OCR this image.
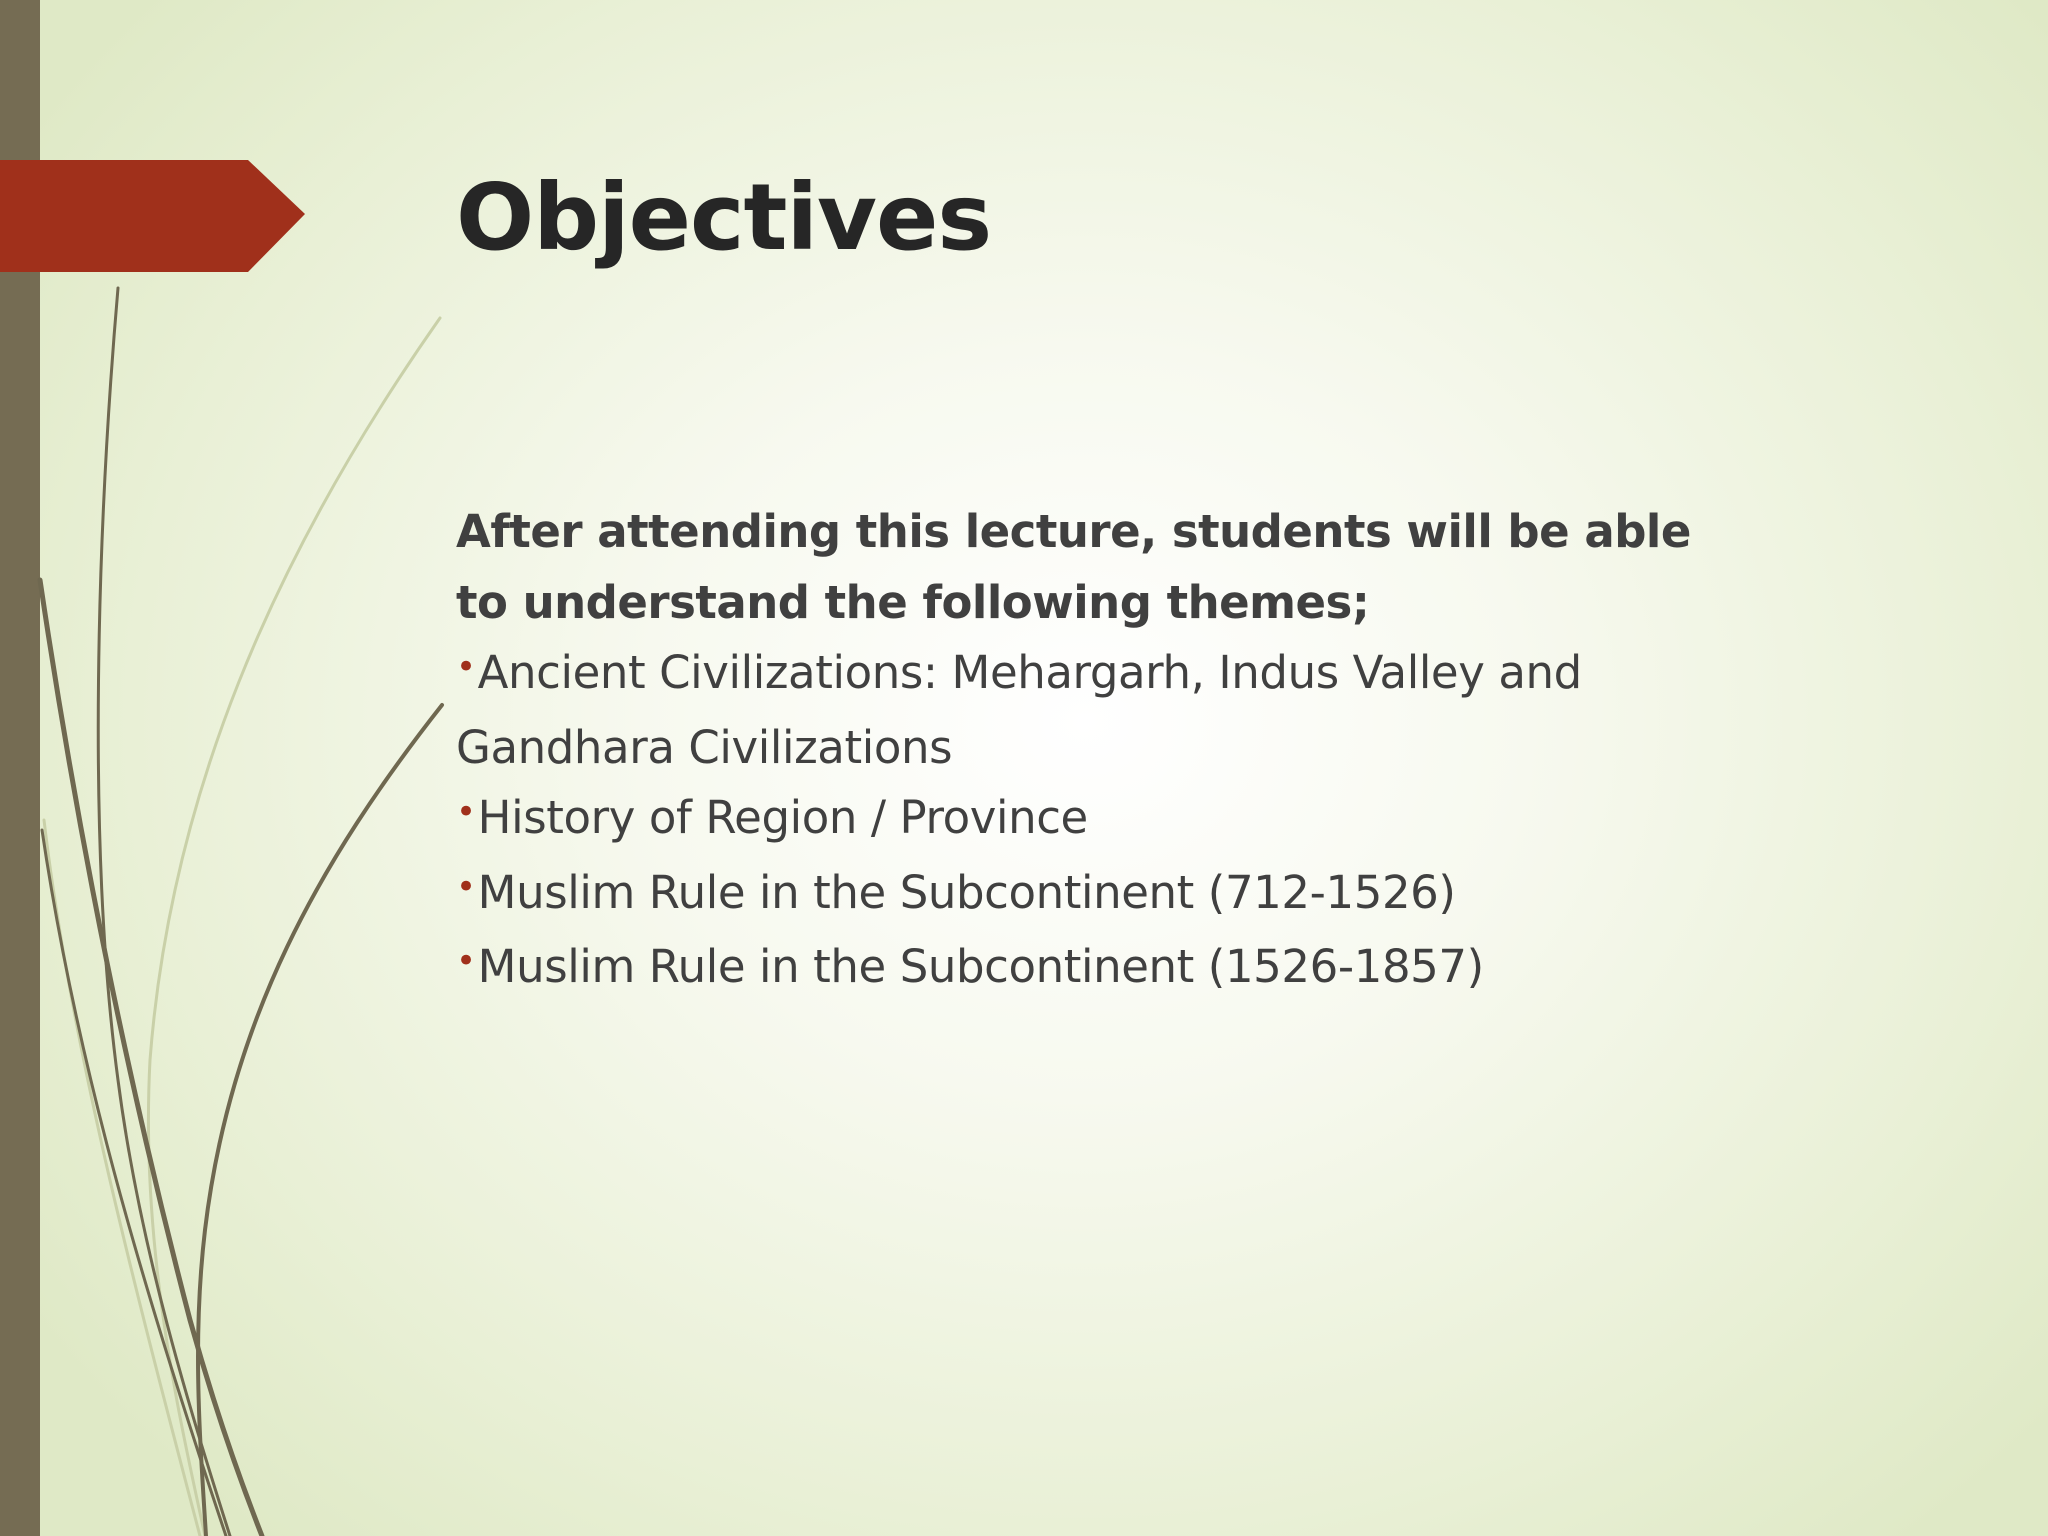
Objectives

After attending this lecture, students will be able to understand the following themes;

•Ancient Civilizations: Mehargarh, Indus Valley and Gandhara Civilizations
•History of Region / Province
•Muslim Rule in the Subcontinent (712-1526)
•Muslim Rule in the Subcontinent (1526-1857)
